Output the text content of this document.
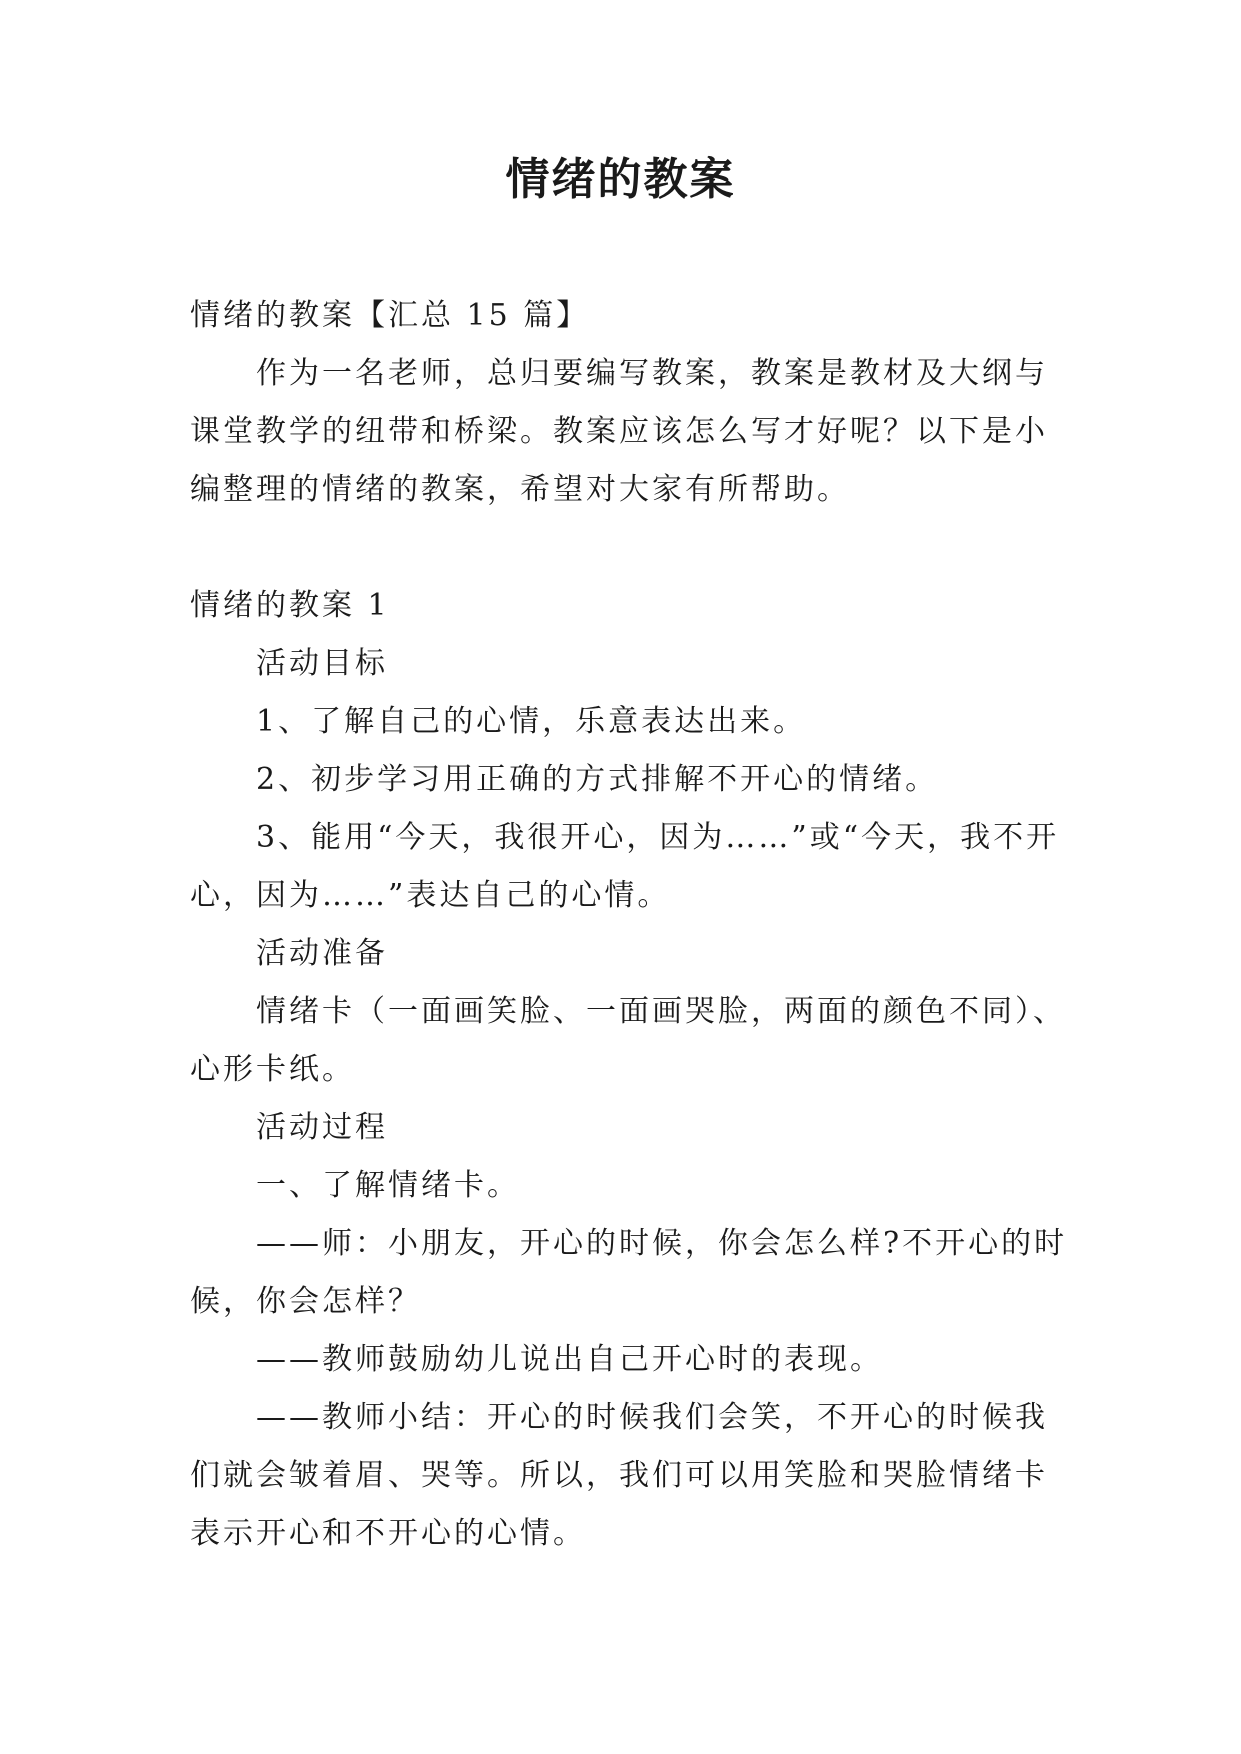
情绪的教案

情绪的教案【汇总 15 篇】

作为一名老师，总归要编写教案，教案是教材及大纲与课堂教学的纽带和桥梁。教案应该怎么写才好呢？以下是小编整理的情绪的教案，希望对大家有所帮助。

情绪的教案 1

活动目标

1、了解自己的心情，乐意表达出来。

2、初步学习用正确的方式排解不开心的情绪。

3、能用“今天，我很开心，因为……”或“今天，我不开心，因为……”表达自己的心情。

活动准备

情绪卡（一面画笑脸、一面画哭脸，两面的颜色不同）、心形卡纸。

活动过程

一、了解情绪卡。

——师：小朋友，开心的时候，你会怎么样?不开心的时候，你会怎样？

——教师鼓励幼儿说出自己开心时的表现。

——教师小结：开心的时候我们会笑，不开心的时候我们就会皱着眉、哭等。所以，我们可以用笑脸和哭脸情绪卡表示开心和不开心的心情。
